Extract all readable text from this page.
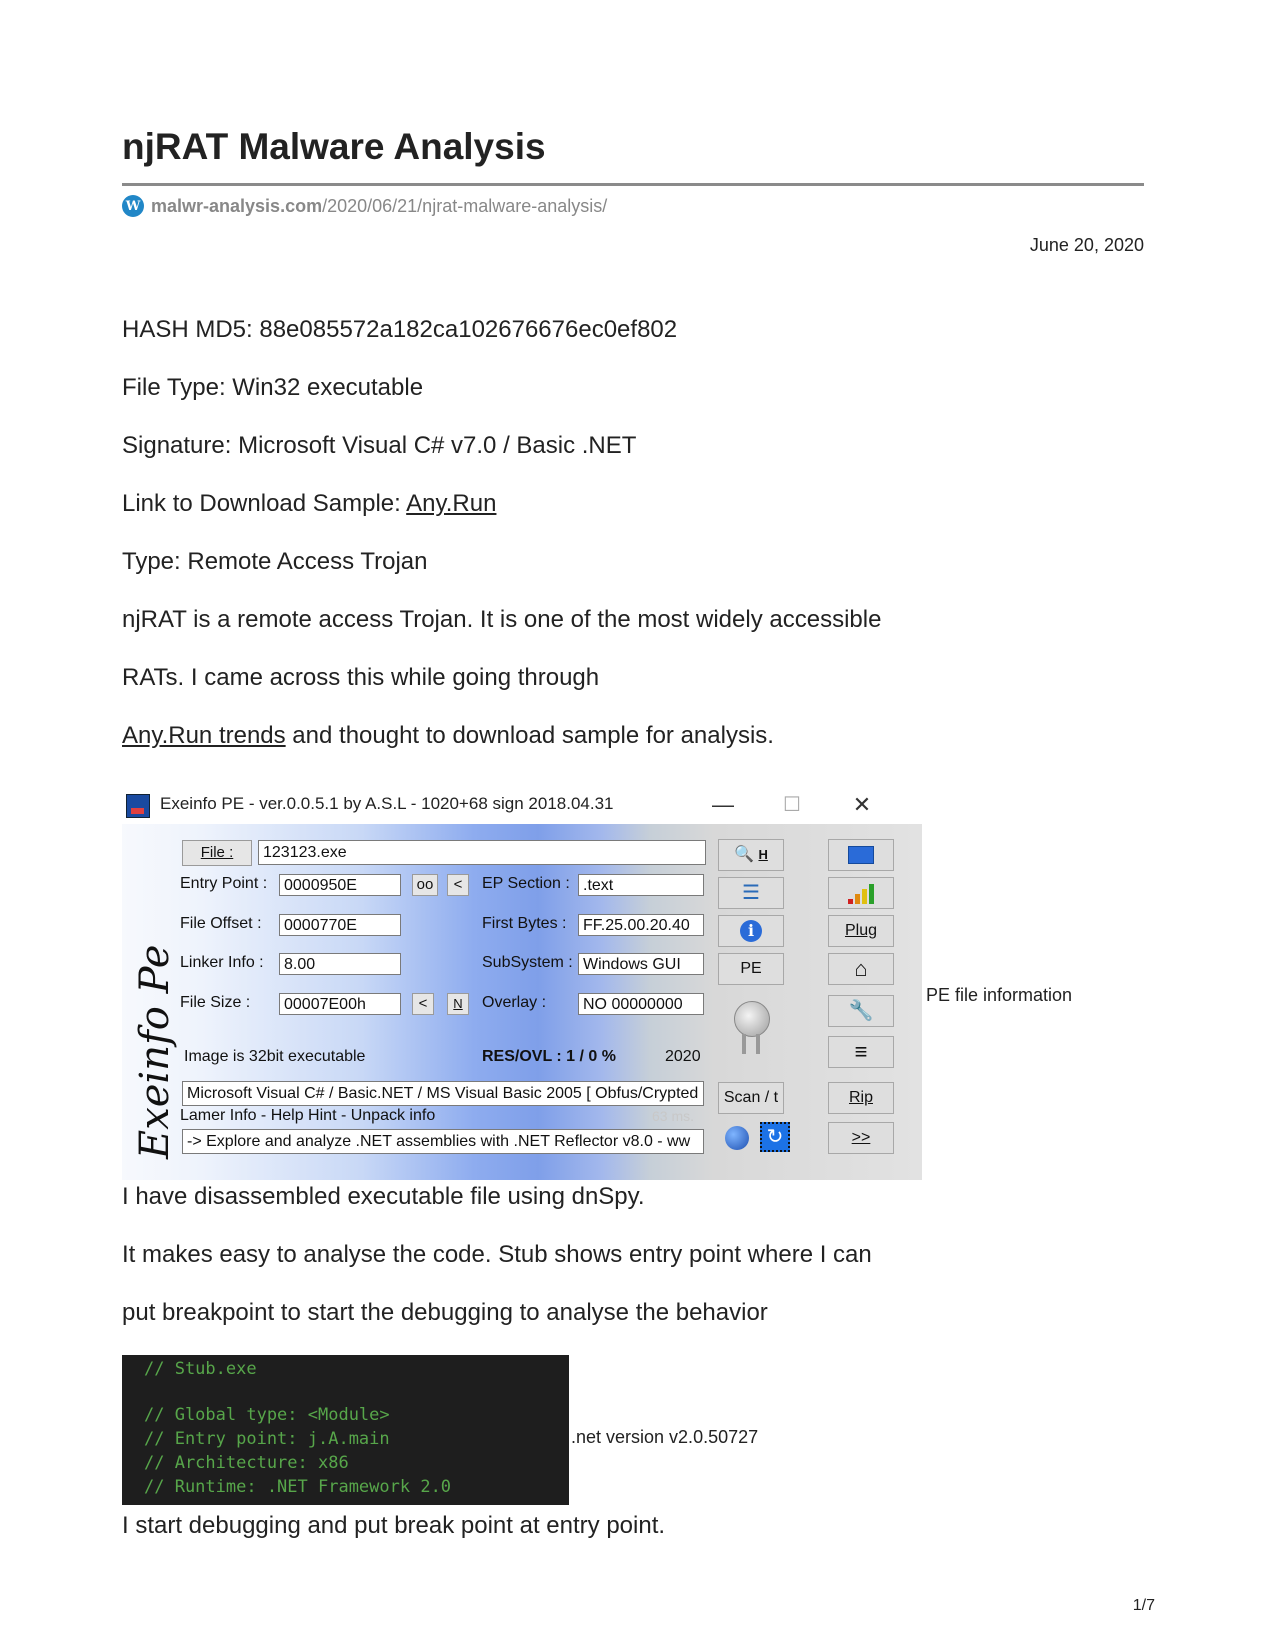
njRAT Malware Analysis
W malwr-analysis.com /2020/06/21/njrat-malware-analysis/
June 20, 2020

HASH MD5: 88e085572a182ca102676676ec0ef802

File Type: Win32 executable

Signature: Microsoft Visual C# v7.0 / Basic .NET

Link to Download Sample: Any.Run

Type: Remote Access Trojan

njRAT is a remote access Trojan. It is one of the most widely accessible

RATs. I came across this while going through

Any.Run trends and thought to download sample for analysis.

Exeinfo PE - ver.0.0.5.1 by A.S.L - 1020+68 sign 2018.04.31	—	☐ ✕
Exeinfo Pe
File :	123123.exe
Entry Point :	0000950E	oo	<	EP Section : .text
File Offset :	0000770E	First Bytes :	FF.25.00.20.40
Linker Info :	8.00	SubSystem : Windows GUI
File Size :	00007E00h	<	N	Overlay :	NO 00000000
Image is 32bit executable	RES/OVL : 1 / 0 %	2020
Microsoft Visual C# / Basic.NET / MS Visual Basic 2005 [ Obfus/Crypted
Lamer Info - Help Hint - Unpack info	63 ms.
-> Explore and analyze .NET assemblies with .NET Reflector v8.0 - ww
🔍 H
☰
i
PE
Scan / t
↻
Plug
⌂
🔧
≡
Rip
>>
PE file information

I have disassembled executable file using dnSpy.

It makes easy to analyse the code. Stub shows entry point where I can

put breakpoint to start the debugging to analyse the behavior

// Stub.exe
// Global type: <Module>
// Entry point: j.A.main
// Architecture: x86
// Runtime: .NET Framework 2.0
.net version v2.0.50727

I start debugging and put break point at entry point.

1/7
